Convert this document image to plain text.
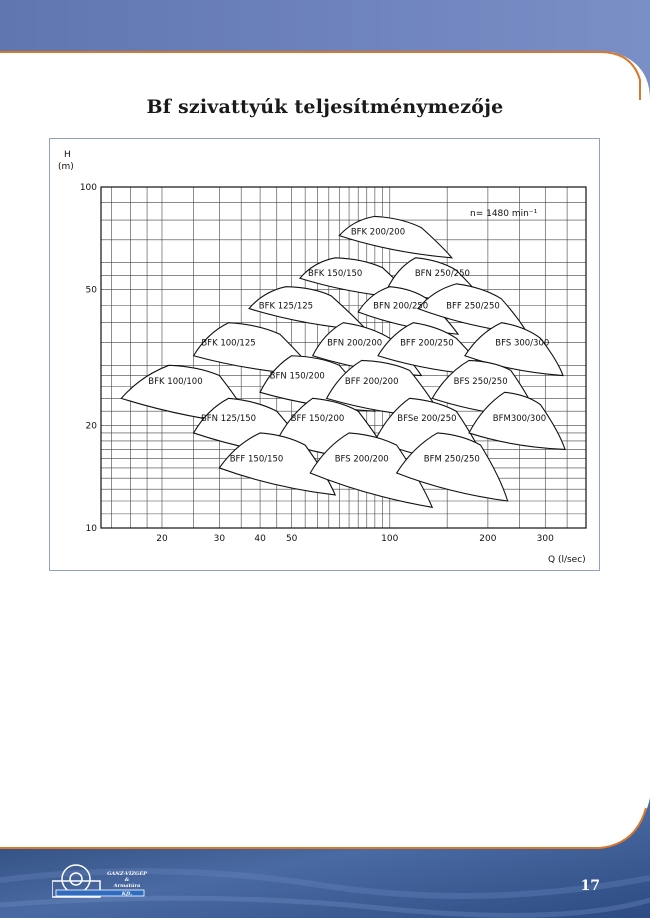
Bf szivattyúk teljesítménymezője
BFK 200/200
BFK 150/150	BFN 250/250
BFK 125/125	BFN 200/250 BFF 250/250
BFK 100/125	BFN 200/200 BFF 200/250	BFS 300/300
BFK 100/100
BFN 150/200
BFF 200/200	BFS 250/250
BFN 125/150	BFF 150/200	BFSe 200/250	BFM300/300
BFF 150/150	BFS 200/200	BFM 250/250
20	30	40 50	100	200	300
10
20
50
100
H
(m)
Q (l/sec)
n= 1480 min⁻¹
GANZ-VÍZGÉP
&
Armatúra
Kft.	17
